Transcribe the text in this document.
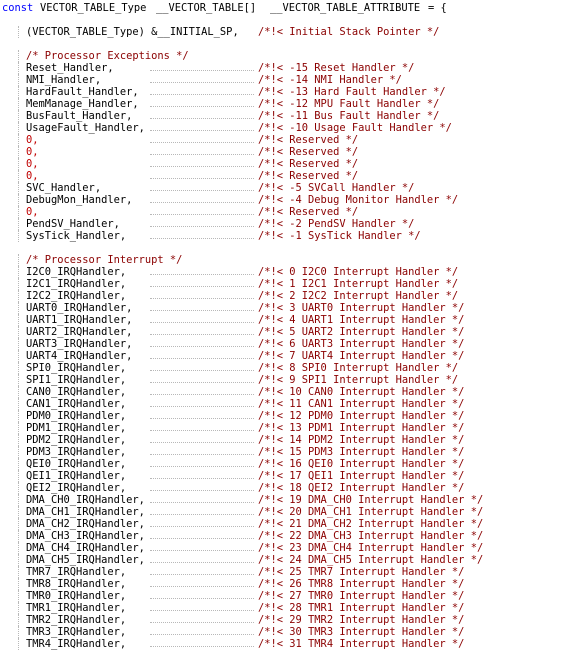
const

VECTOR_TABLE_Type

__VECTOR_TABLE[]

__VECTOR_TABLE_ATTRIBUTE

= {

(VECTOR_TABLE_Type) &__INITIAL_SP,

/*!< Initial Stack Pointer */

/* Processor Exceptions */

Reset_Handler,	/*!< -15 Reset Handler */
NMI_Handler,	/*!< -14 NMI Handler */
HardFault_Handler,	/*!< -13 Hard Fault Handler */
MemManage_Handler,	/*!< -12 MPU Fault Handler */
BusFault_Handler,	/*!< -11 Bus Fault Handler */
UsageFault_Handler,	/*!< -10 Usage Fault Handler */
0,	/*!< Reserved */
0,	/*!< Reserved */
0,	/*!< Reserved */
0,	/*!< Reserved */
SVC_Handler,	/*!< -5 SVCall Handler */
DebugMon_Handler,	/*!< -4 Debug Monitor Handler */
0,	/*!< Reserved */
PendSV_Handler,	/*!< -2 PendSV Handler */
SysTick_Handler,	/*!< -1 SysTick Handler */

/* Processor Interrupt */

I2C0_IRQHandler,	/*!< 0 I2C0 Interrupt Handler */
I2C1_IRQHandler,	/*!< 1 I2C1 Interrupt Handler */
I2C2_IRQHandler,	/*!< 2 I2C2 Interrupt Handler */
UART0_IRQHandler,	/*!< 3 UART0 Interrupt Handler */
UART1_IRQHandler,	/*!< 4 UART1 Interrupt Handler */
UART2_IRQHandler,	/*!< 5 UART2 Interrupt Handler */
UART3_IRQHandler,	/*!< 6 UART3 Interrupt Handler */
UART4_IRQHandler,	/*!< 7 UART4 Interrupt Handler */
SPI0_IRQHandler,	/*!< 8 SPI0 Interrupt Handler */
SPI1_IRQHandler,	/*!< 9 SPI1 Interrupt Handler */
CAN0_IRQHandler,	/*!< 10 CAN0 Interrupt Handler */
CAN1_IRQHandler,	/*!< 11 CAN1 Interrupt Handler */
PDM0_IRQHandler,	/*!< 12 PDM0 Interrupt Handler */
PDM1_IRQHandler,	/*!< 13 PDM1 Interrupt Handler */
PDM2_IRQHandler,	/*!< 14 PDM2 Interrupt Handler */
PDM3_IRQHandler,	/*!< 15 PDM3 Interrupt Handler */
QEI0_IRQHandler,	/*!< 16 QEI0 Interrupt Handler */
QEI1_IRQHandler,	/*!< 17 QEI1 Interrupt Handler */
QEI2_IRQHandler,	/*!< 18 QEI2 Interrupt Handler */
DMA_CH0_IRQHandler,	/*!< 19 DMA_CH0 Interrupt Handler */
DMA_CH1_IRQHandler,	/*!< 20 DMA_CH1 Interrupt Handler */
DMA_CH2_IRQHandler,	/*!< 21 DMA_CH2 Interrupt Handler */
DMA_CH3_IRQHandler,	/*!< 22 DMA_CH3 Interrupt Handler */
DMA_CH4_IRQHandler,	/*!< 23 DMA_CH4 Interrupt Handler */
DMA_CH5_IRQHandler,	/*!< 24 DMA_CH5 Interrupt Handler */
TMR7_IRQHandler,	/*!< 25 TMR7 Interrupt Handler */
TMR8_IRQHandler,	/*!< 26 TMR8 Interrupt Handler */
TMR0_IRQHandler,	/*!< 27 TMR0 Interrupt Handler */
TMR1_IRQHandler,	/*!< 28 TMR1 Interrupt Handler */
TMR2_IRQHandler,	/*!< 29 TMR2 Interrupt Handler */
TMR3_IRQHandler,	/*!< 30 TMR3 Interrupt Handler */
TMR4_IRQHandler,	/*!< 31 TMR4 Interrupt Handler */
